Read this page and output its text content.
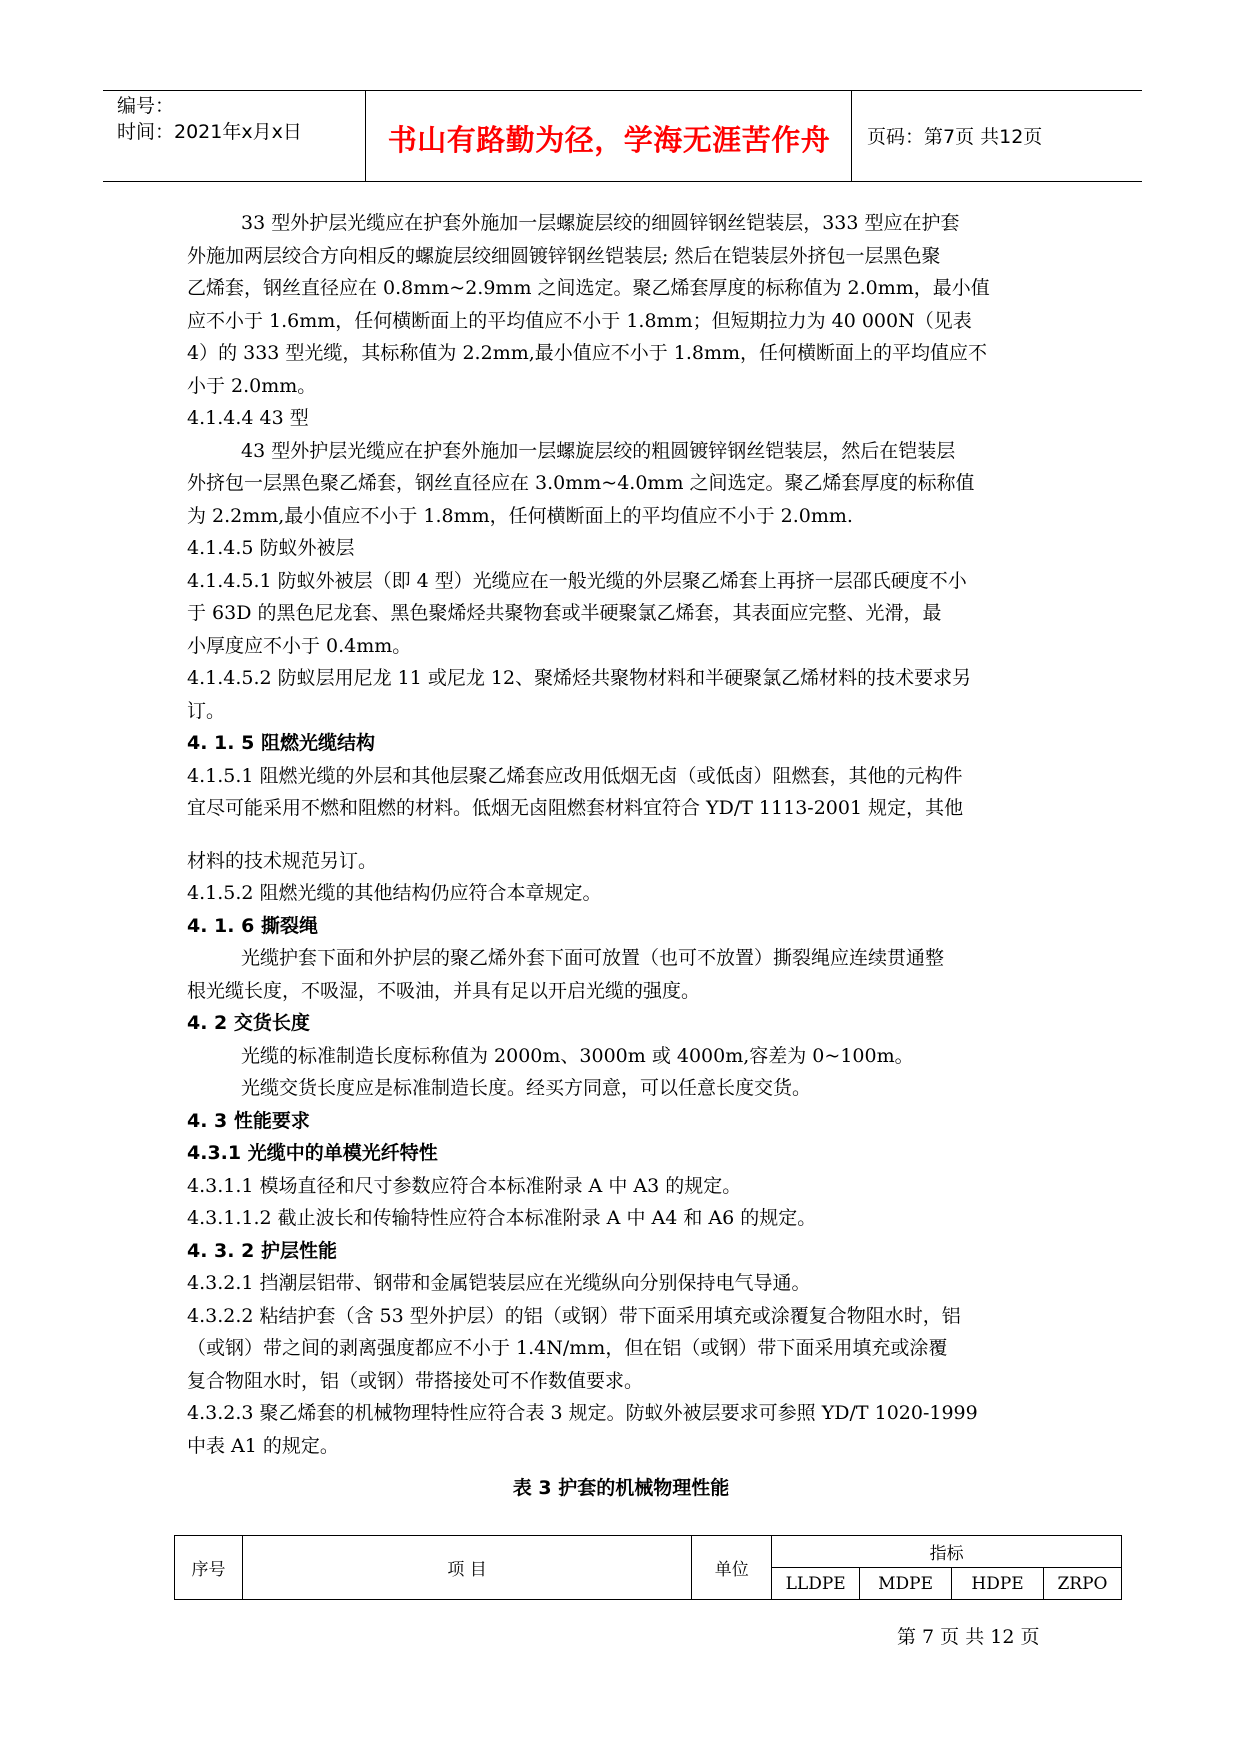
编号：
时间：2021年x月x日	书山有路勤为径，学海无涯苦作舟	页码：第7页 共12页
33 型外护层光缆应在护套外施加一层螺旋层绞的细圆锌钢丝铠装层，333 型应在护套
外施加两层绞合方向相反的螺旋层绞细圆镀锌钢丝铠装层; 然后在铠装层外挤包一层黑色聚
乙烯套，钢丝直径应在 0.8mm~2.9mm 之间选定。聚乙烯套厚度的标称值为 2.0mm，最小值
应不小于 1.6mm，任何横断面上的平均值应不小于 1.8mm；但短期拉力为 40 000N（见表
4）的 333 型光缆，其标称值为 2.2mm,最小值应不小于 1.8mm，任何横断面上的平均值应不
小于 2.0mm。
4.1.4.4 43 型
43 型外护层光缆应在护套外施加一层螺旋层绞的粗圆镀锌钢丝铠装层，然后在铠装层
外挤包一层黑色聚乙烯套，钢丝直径应在 3.0mm~4.0mm 之间选定。聚乙烯套厚度的标称值
为 2.2mm,最小值应不小于 1.8mm，任何横断面上的平均值应不小于 2.0mm.
4.1.4.5 防蚁外被层
4.1.4.5.1 防蚁外被层（即 4 型）光缆应在一般光缆的外层聚乙烯套上再挤一层邵氏硬度不小
于 63D 的黑色尼龙套、黑色聚烯烃共聚物套或半硬聚氯乙烯套，其表面应完整、光滑，最
小厚度应不小于 0.4mm。
4.1.4.5.2 防蚁层用尼龙 11 或尼龙 12、聚烯烃共聚物材料和半硬聚氯乙烯材料的技术要求另
订。
4. 1. 5 阻燃光缆结构
4.1.5.1 阻燃光缆的外层和其他层聚乙烯套应改用低烟无卤（或低卤）阻燃套，其他的元构件
宜尽可能采用不燃和阻燃的材料。低烟无卤阻燃套材料宜符合 YD/T 1113-2001 规定，其他
材料的技术规范另订。
4.1.5.2 阻燃光缆的其他结构仍应符合本章规定。
4. 1. 6 撕裂绳
光缆护套下面和外护层的聚乙烯外套下面可放置（也可不放置）撕裂绳应连续贯通整
根光缆长度，不吸湿，不吸油，并具有足以开启光缆的强度。
4. 2 交货长度
光缆的标准制造长度标称值为 2000m、3000m 或 4000m,容差为 0~100m。
光缆交货长度应是标准制造长度。经买方同意，可以任意长度交货。
4. 3 性能要求
4.3.1 光缆中的单模光纤特性
4.3.1.1 模场直径和尺寸参数应符合本标准附录 A 中 A3 的规定。
4.3.1.1.2 截止波长和传输特性应符合本标准附录 A 中 A4 和 A6 的规定。
4. 3. 2 护层性能
4.3.2.1 挡潮层铝带、钢带和金属铠装层应在光缆纵向分别保持电气导通。
4.3.2.2 粘结护套（含 53 型外护层）的铝（或钢）带下面采用填充或涂覆复合物阻水时，铝
（或钢）带之间的剥离强度都应不小于 1.4N/mm，但在铝（或钢）带下面采用填充或涂覆
复合物阻水时，铝（或钢）带搭接处可不作数值要求。
4.3.2.3 聚乙烯套的机械物理特性应符合表 3 规定。防蚁外被层要求可参照 YD/T 1020-1999
中表 A1 的规定。
表 3 护套的机械物理性能
序号	项 目	单位	指标			
			LLDPE	MDPE	HDPE	ZRPO
第 7 页 共 12 页
